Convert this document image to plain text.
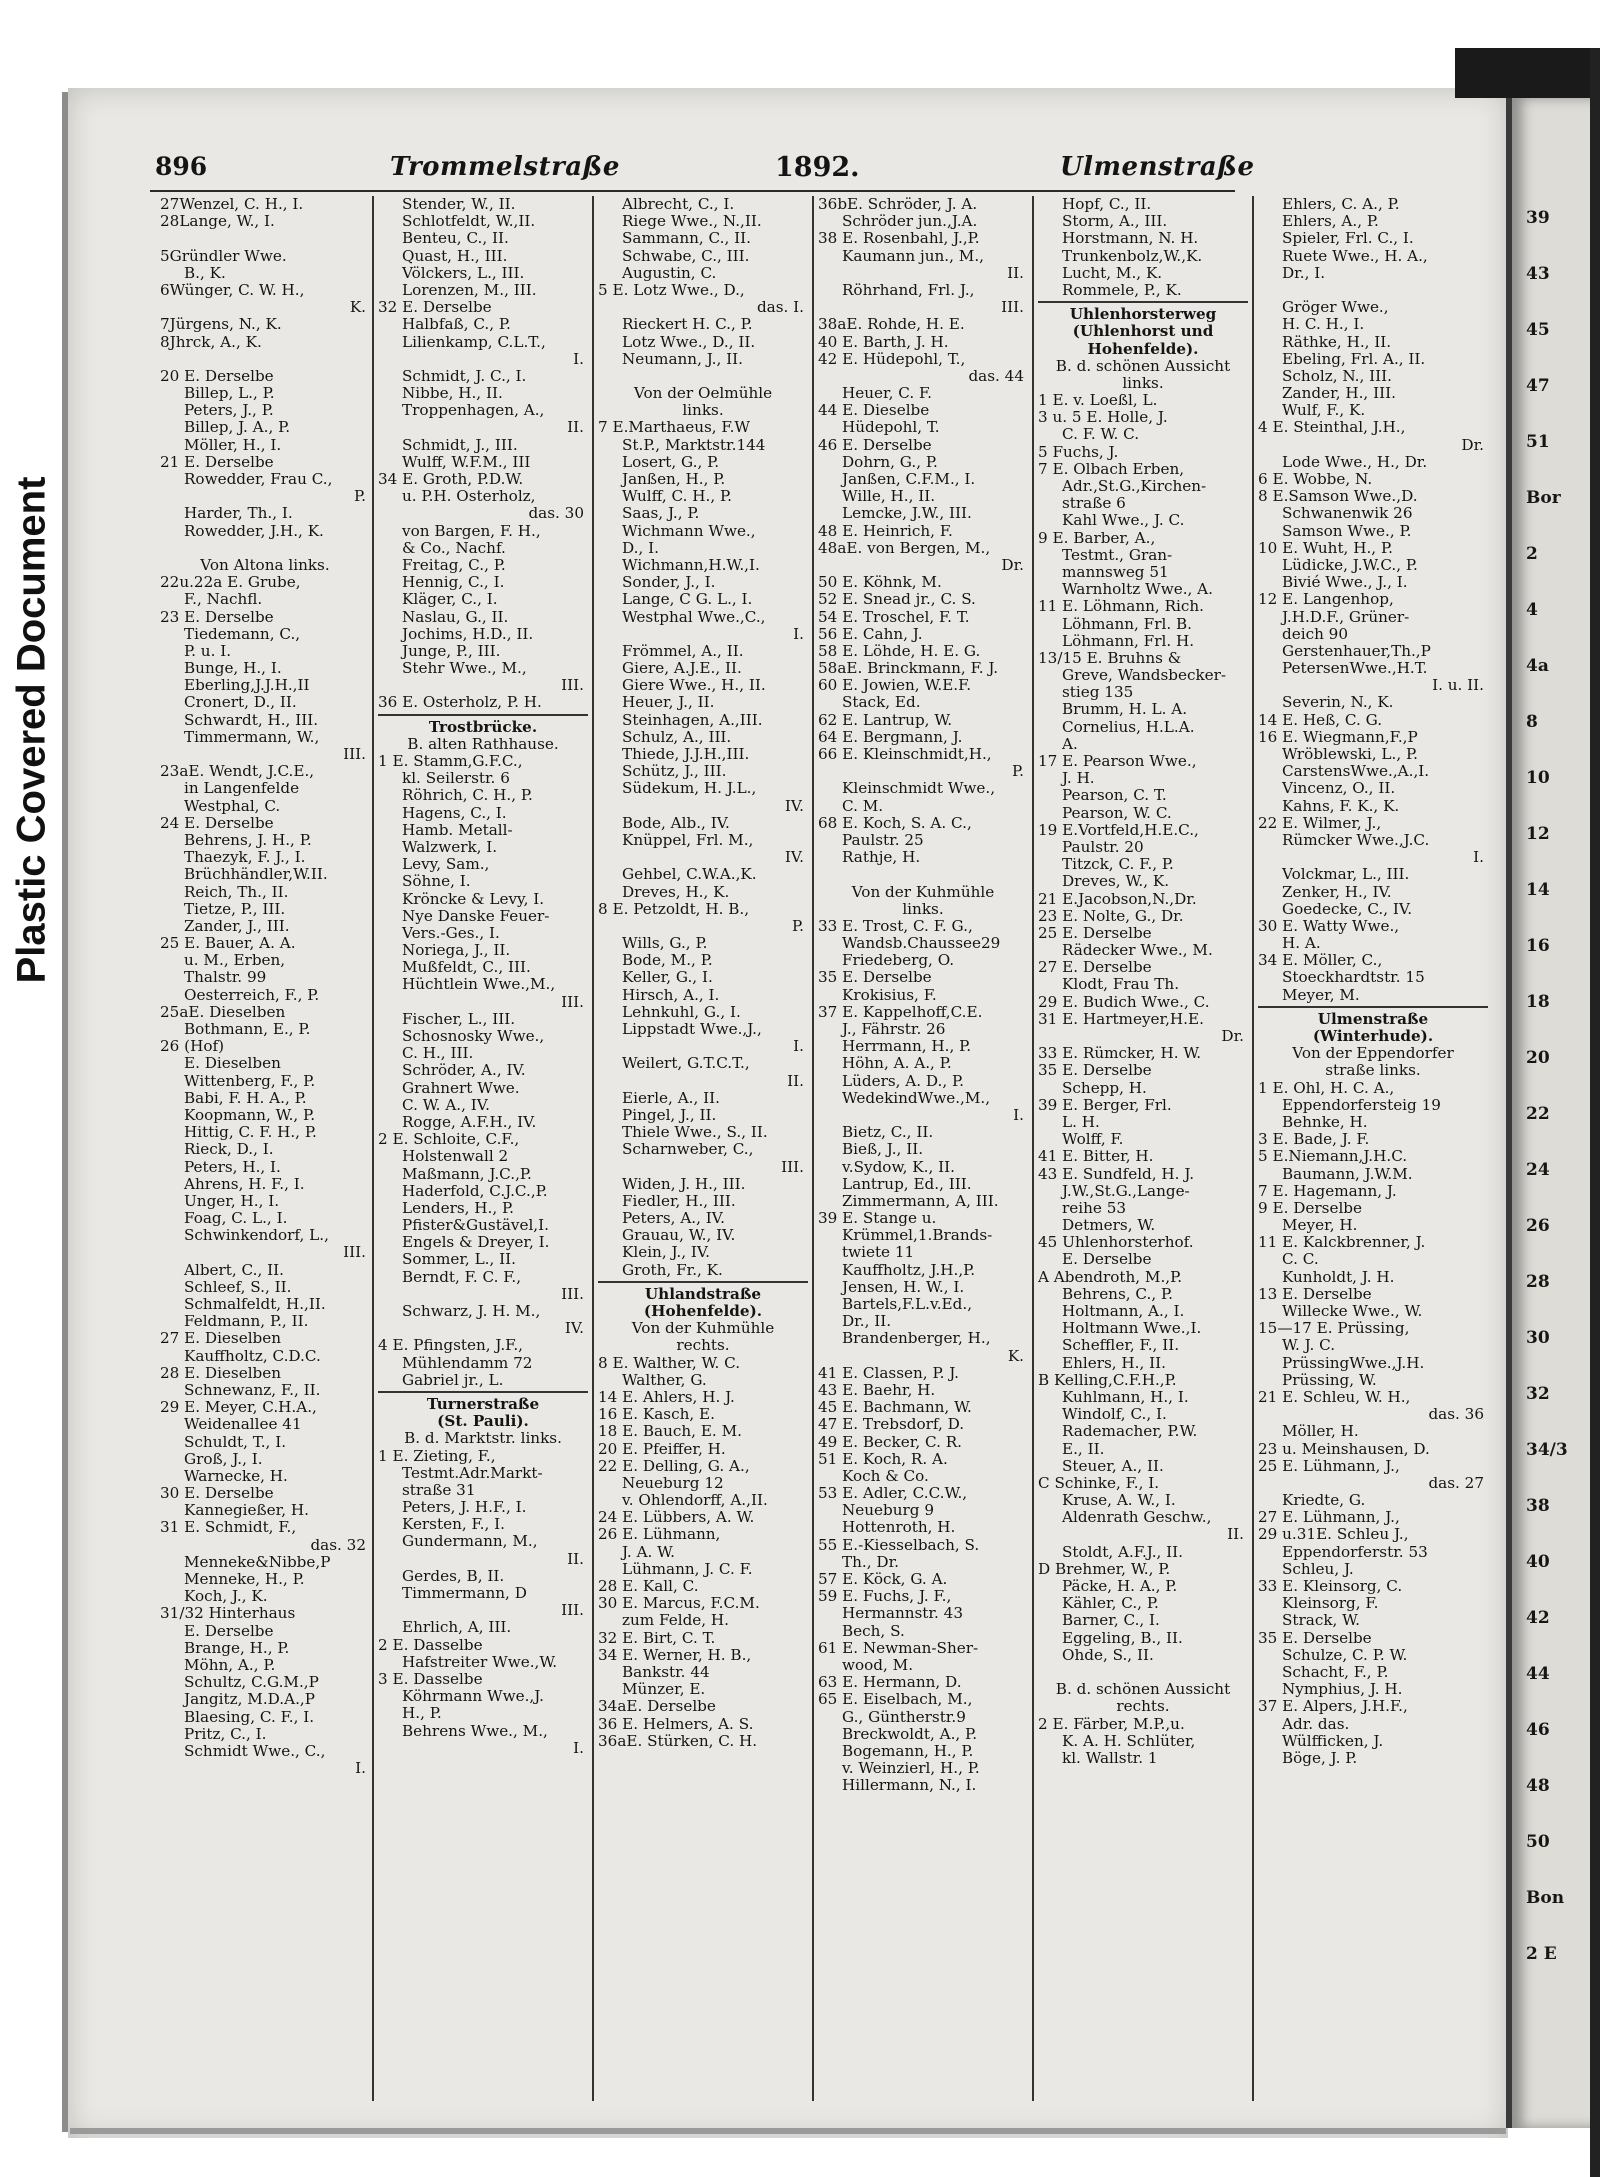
Plastic Covered Document
39
43
45
47
51
Bor
2
4
4a
8
10
12
14
16
18
20
22
24
26
28
30
32
34/3
38
40
42
44
46
48
50
Bon
2 E
896	Trommelstraße	1892.	Ulmenstraße
27Wenzel, C. H., I.
28Lange, W., I.
5Gründler Wwe.
B., K.
6Wünger, C. W. H.,
K.
7Jürgens, N., K.
8Jhrck, A., K.
20 E. Derselbe
Billep, L., P.
Peters, J., P.
Billep, J. A., P.
Möller, H., I.
21 E. Derselbe
Rowedder, Frau C.,
P.
Harder, Th., I.
Rowedder, J.H., K.
Von Altona links.
22u.22a E. Grube,
F., Nachfl.
23 E. Derselbe
Tiedemann, C.,
P. u. I.
Bunge, H., I.
Eberling,J.J.H.,II
Cronert, D., II.
Schwardt, H., III.
Timmermann, W.,
III.
23aE. Wendt, J.C.E.,
in Langenfelde
Westphal, C.
24 E. Derselbe
Behrens, J. H., P.
Thaezyk, F. J., I.
Brüchhändler,W.II.
Reich, Th., II.
Tietze, P., III.
Zander, J., III.
25 E. Bauer, A. A.
u. M., Erben,
Thalstr. 99
Oesterreich, F., P.
25aE. Dieselben
Bothmann, E., P.
26 (Hof)
E. Dieselben
Wittenberg, F., P.
Babi, F. H. A., P.
Koopmann, W., P.
Hittig, C. F. H., P.
Rieck, D., I.
Peters, H., I.
Ahrens, H. F., I.
Unger, H., I.
Foag, C. L., I.
Schwinkendorf, L.,
III.
Albert, C., II.
Schleef, S., II.
Schmalfeldt, H.,II.
Feldmann, P., II.
27 E. Dieselben
Kauffholtz, C.D.C.
28 E. Dieselben
Schnewanz, F., II.
29 E. Meyer, C.H.A.,
Weidenallee 41
Schuldt, T., I.
Groß, J., I.
Warnecke, H.
30 E. Derselbe
Kannegießer, H.
31 E. Schmidt, F.,
das. 32
Menneke&Nibbe,P
Menneke, H., P.
Koch, J., K.
31/32 Hinterhaus
E. Derselbe
Brange, H., P.
Möhn, A., P.
Schultz, C.G.M.,P
Jangitz, M.D.A.,P
Blaesing, C. F., I.
Pritz, C., I.
Schmidt Wwe., C.,
I.
Stender, W., II.
Schlotfeldt, W.,II.
Benteu, C., II.
Quast, H., III.
Völckers, L., III.
Lorenzen, M., III.
32 E. Derselbe
Halbfaß, C., P.
Lilienkamp, C.L.T.,
I.
Schmidt, J. C., I.
Nibbe, H., II.
Troppenhagen, A.,
II.
Schmidt, J., III.
Wulff, W.F.M., III
34 E. Groth, P.D.W.
u. P.H. Osterholz,
das. 30
von Bargen, F. H.,
& Co., Nachf.
Freitag, C., P.
Hennig, C., I.
Kläger, C., I.
Naslau, G., II.
Jochims, H.D., II.
Junge, P., III.
Stehr Wwe., M.,
III.
36 E. Osterholz, P. H.
Trostbrücke.
B. alten Rathhause.
1 E. Stamm,G.F.C.,
kl. Seilerstr. 6
Röhrich, C. H., P.
Hagens, C., I.
Hamb. Metall-
Walzwerk, I.
Levy, Sam.,
Söhne, I.
Kröncke & Levy, I.
Nye Danske Feuer-
Vers.-Ges., I.
Noriega, J., II.
Mußfeldt, C., III.
Hüchtlein Wwe.,M.,
III.
Fischer, L., III.
Schosnosky Wwe.,
C. H., III.
Schröder, A., IV.
Grahnert Wwe.
C. W. A., IV.
Rogge, A.F.H., IV.
2 E. Schloite, C.F.,
Holstenwall 2
Maßmann, J.C.,P.
Haderfold, C.J.C.,P.
Lenders, H., P.
Pfister&Gustävel,I.
Engels & Dreyer, I.
Sommer, L., II.
Berndt, F. C. F.,
III.
Schwarz, J. H. M.,
IV.
4 E. Pfingsten, J.F.,
Mühlendamm 72
Gabriel jr., L.
Turnerstraße
(St. Pauli).
B. d. Marktstr. links.
1 E. Zieting, F.,
Testmt.Adr.Markt-
straße 31
Peters, J. H.F., I.
Kersten, F., I.
Gundermann, M.,
II.
Gerdes, B, II.
Timmermann, D
III.
Ehrlich, A, III.
2 E. Dasselbe
Hafstreiter Wwe.,W.
3 E. Dasselbe
Köhrmann Wwe.,J.
H., P.
Behrens Wwe., M.,
I.
Albrecht, C., I.
Riege Wwe., N.,II.
Sammann, C., II.
Schwabe, C., III.
Augustin, C.
5 E. Lotz Wwe., D.,
das. I.
Rieckert H. C., P.
Lotz Wwe., D., II.
Neumann, J., II.
Von der Oelmühle
links.
7 E.Marthaeus, F.W
St.P., Marktstr.144
Losert, G., P.
Janßen, H., P.
Wulff, C. H., P.
Saas, J., P.
Wichmann Wwe.,
D., I.
Wichmann,H.W.,I.
Sonder, J., I.
Lange, C G. L., I.
Westphal Wwe.,C.,
I.
Frömmel, A., II.
Giere, A.J.E., II.
Giere Wwe., H., II.
Heuer, J., II.
Steinhagen, A.,III.
Schulz, A., III.
Thiede, J.J.H.,III.
Schütz, J., III.
Südekum, H. J.L.,
IV.
Bode, Alb., IV.
Knüppel, Frl. M.,
IV.
Gehbel, C.W.A.,K.
Dreves, H., K.
8 E. Petzoldt, H. B.,
P.
Wills, G., P.
Bode, M., P.
Keller, G., I.
Hirsch, A., I.
Lehnkuhl, G., I.
Lippstadt Wwe.,J.,
I.
Weilert, G.T.C.T.,
II.
Eierle, A., II.
Pingel, J., II.
Thiele Wwe., S., II.
Scharnweber, C.,
III.
Widen, J. H., III.
Fiedler, H., III.
Peters, A., IV.
Grauau, W., IV.
Klein, J., IV.
Groth, Fr., K.
Uhlandstraße
(Hohenfelde).
Von der Kuhmühle
rechts.
8 E. Walther, W. C.
Walther, G.
14 E. Ahlers, H. J.
16 E. Kasch, E.
18 E. Bauch, E. M.
20 E. Pfeiffer, H.
22 E. Delling, G. A.,
Neueburg 12
v. Ohlendorff, A.,II.
24 E. Lübbers, A. W.
26 E. Lühmann,
J. A. W.
Lühmann, J. C. F.
28 E. Kall, C.
30 E. Marcus, F.C.M.
zum Felde, H.
32 E. Birt, C. T.
34 E. Werner, H. B.,
Bankstr. 44
Münzer, E.
34aE. Derselbe
36 E. Helmers, A. S.
36aE. Stürken, C. H.
36bE. Schröder, J. A.
Schröder jun.,J.A.
38 E. Rosenbahl, J.,P.
Kaumann jun., M.,
II.
Röhrhand, Frl. J.,
III.
38aE. Rohde, H. E.
40 E. Barth, J. H.
42 E. Hüdepohl, T.,
das. 44
Heuer, C. F.
44 E. Dieselbe
Hüdepohl, T.
46 E. Derselbe
Dohrn, G., P.
Janßen, C.F.M., I.
Wille, H., II.
Lemcke, J.W., III.
48 E. Heinrich, F.
48aE. von Bergen, M.,
Dr.
50 E. Köhnk, M.
52 E. Snead jr., C. S.
54 E. Troschel, F. T.
56 E. Cahn, J.
58 E. Löhde, H. E. G.
58aE. Brinckmann, F. J.
60 E. Jowien, W.E.F.
Stack, Ed.
62 E. Lantrup, W.
64 E. Bergmann, J.
66 E. Kleinschmidt,H.,
P.
Kleinschmidt Wwe.,
C. M.
68 E. Koch, S. A. C.,
Paulstr. 25
Rathje, H.
Von der Kuhmühle
links.
33 E. Trost, C. F. G.,
Wandsb.Chaussee29
Friedeberg, O.
35 E. Derselbe
Krokisius, F.
37 E. Kappelhoff,C.E.
J., Fährstr. 26
Herrmann, H., P.
Höhn, A. A., P.
Lüders, A. D., P.
WedekindWwe.,M.,
I.
Bietz, C., II.
Bieß, J., II.
v.Sydow, K., II.
Lantrup, Ed., III.
Zimmermann, A, III.
39 E. Stange u.
Krümmel,1.Brands-
twiete 11
Kauffholtz, J.H.,P.
Jensen, H. W., I.
Bartels,F.L.v.Ed.,
Dr., II.
Brandenberger, H.,
K.
41 E. Classen, P. J.
43 E. Baehr, H.
45 E. Bachmann, W.
47 E. Trebsdorf, D.
49 E. Becker, C. R.
51 E. Koch, R. A.
Koch & Co.
53 E. Adler, C.C.W.,
Neueburg 9
Hottenroth, H.
55 E.-Kiesselbach, S.
Th., Dr.
57 E. Köck, G. A.
59 E. Fuchs, J. F.,
Hermannstr. 43
Bech, S.
61 E. Newman-Sher-
wood, M.
63 E. Hermann, D.
65 E. Eiselbach, M.,
G., Güntherstr.9
Breckwoldt, A., P.
Bogemann, H., P.
v. Weinzierl, H., P.
Hillermann, N., I.
Hopf, C., II.
Storm, A., III.
Horstmann, N. H.
Trunkenbolz,W.,K.
Lucht, M., K.
Rommele, P., K.
Uhlenhorsterweg
(Uhlenhorst und
Hohenfelde).
B. d. schönen Aussicht
links.
1 E. v. Loeßl, L.
3 u. 5 E. Holle, J.
C. F. W. C.
5 Fuchs, J.
7 E. Olbach Erben,
Adr.,St.G.,Kirchen-
straße 6
Kahl Wwe., J. C.
9 E. Barber, A.,
Testmt., Gran-
mannsweg 51
Warnholtz Wwe., A.
11 E. Löhmann, Rich.
Löhmann, Frl. B.
Löhmann, Frl. H.
13/15 E. Bruhns &
Greve, Wandsbecker-
stieg 135
Brumm, H. L. A.
Cornelius, H.L.A.
A.
17 E. Pearson Wwe.,
J. H.
Pearson, C. T.
Pearson, W. C.
19 E.Vortfeld,H.E.C.,
Paulstr. 20
Titzck, C. F., P.
Dreves, W., K.
21 E.Jacobson,N.,Dr.
23 E. Nolte, G., Dr.
25 E. Derselbe
Rädecker Wwe., M.
27 E. Derselbe
Klodt, Frau Th.
29 E. Budich Wwe., C.
31 E. Hartmeyer,H.E.
Dr.
33 E. Rümcker, H. W.
35 E. Derselbe
Schepp, H.
39 E. Berger, Frl.
L. H.
Wolff, F.
41 E. Bitter, H.
43 E. Sundfeld, H. J.
J.W.,St.G.,Lange-
reihe 53
Detmers, W.
45 Uhlenhorsterhof.
E. Derselbe
A Abendroth, M.,P.
Behrens, C., P.
Holtmann, A., I.
Holtmann Wwe.,I.
Scheffler, F., II.
Ehlers, H., II.
B Kelling,C.F.H.,P.
Kuhlmann, H., I.
Windolf, C., I.
Rademacher, P.W.
E., II.
Steuer, A., II.
C Schinke, F., I.
Kruse, A. W., I.
Aldenrath Geschw.,
II.
Stoldt, A.F.J., II.
D Brehmer, W., P.
Päcke, H. A., P.
Kähler, C., P.
Barner, C., I.
Eggeling, B., II.
Ohde, S., II.
B. d. schönen Aussicht
rechts.
2 E. Färber, M.P.,u.
K. A. H. Schlüter,
kl. Wallstr. 1
Ehlers, C. A., P.
Ehlers, A., P.
Spieler, Frl. C., I.
Ruete Wwe., H. A.,
Dr., I.
Gröger Wwe.,
H. C. H., I.
Räthke, H., II.
Ebeling, Frl. A., II.
Scholz, N., III.
Zander, H., III.
Wulf, F., K.
4 E. Steinthal, J.H.,
Dr.
Lode Wwe., H., Dr.
6 E. Wobbe, N.
8 E.Samson Wwe.,D.
Schwanenwik 26
Samson Wwe., P.
10 E. Wuht, H., P.
Lüdicke, J.W.C., P.
Bivié Wwe., J., I.
12 E. Langenhop,
J.H.D.F., Grüner-
deich 90
Gerstenhauer,Th.,P
PetersenWwe.,H.T.
I. u. II.
Severin, N., K.
14 E. Heß, C. G.
16 E. Wiegmann,F.,P
Wröblewski, L., P.
CarstensWwe.,A.,I.
Vincenz, O., II.
Kahns, F. K., K.
22 E. Wilmer, J.,
Rümcker Wwe.,J.C.
I.
Volckmar, L., III.
Zenker, H., IV.
Goedecke, C., IV.
30 E. Watty Wwe.,
H. A.
34 E. Möller, C.,
Stoeckhardtstr. 15
Meyer, M.
Ulmenstraße
(Winterhude).
Von der Eppendorfer
straße links.
1 E. Ohl, H. C. A.,
Eppendorfersteig 19
Behnke, H.
3 E. Bade, J. F.
5 E.Niemann,J.H.C.
Baumann, J.W.M.
7 E. Hagemann, J.
9 E. Derselbe
Meyer, H.
11 E. Kalckbrenner, J.
C. C.
Kunholdt, J. H.
13 E. Derselbe
Willecke Wwe., W.
15—17 E. Prüssing,
W. J. C.
PrüssingWwe.,J.H.
Prüssing, W.
21 E. Schleu, W. H.,
das. 36
Möller, H.
23 u. Meinshausen, D.
25 E. Lühmann, J.,
das. 27
Kriedte, G.
27 E. Lühmann, J.,
29 u.31E. Schleu J.,
Eppendorferstr. 53
Schleu, J.
33 E. Kleinsorg, C.
Kleinsorg, F.
Strack, W.
35 E. Derselbe
Schulze, C. P. W.
Schacht, F., P.
Nymphius, J. H.
37 E. Alpers, J.H.F.,
Adr. das.
Wülfficken, J.
Böge, J. P.
